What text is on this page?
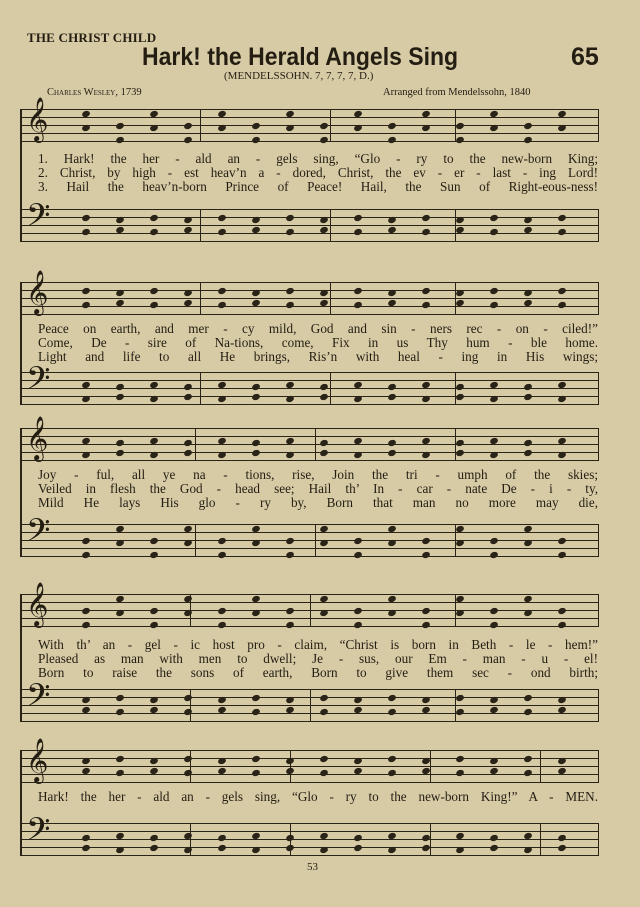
THE CHRIST CHILD
Hark! the Herald Angels Sing	65
(MENDELSSOHN. 7, 7, 7, 7, D.)
Charles Wesley, 1739	Arranged from Mendelssohn, 1840
𝄞
𝄢
𝄞
𝄢
𝄞
𝄢
𝄞
𝄢
𝄞
𝄢
1. Hark! the her - ald an - gels sing, “Glo - ry to the new-born King;
2. Christ, by high - est heav’n a - dored, Christ, the ev - er - last - ing Lord!
3. Hail the heav’n-born Prince of Peace! Hail, the Sun of Right-eous-ness!
Peace on earth, and mer - cy mild, God and sin - ners rec - on - ciled!”
Come, De - sire of Na-tions, come, Fix in us Thy hum - ble home.
Light and life to all He brings, Ris’n with heal - ing in His wings;
Joy - ful, all ye na - tions, rise, Join the tri - umph of the skies;
Veiled in flesh the God - head see; Hail th’ In - car - nate De - i - ty,
Mild He lays His glo - ry by, Born that man no more may die,
With th’ an - gel - ic host pro - claim, “Christ is born in Beth - le - hem!”
Pleased as man with men to dwell; Je - sus, our Em - man - u - el!
Born to raise the sons of earth, Born to give them sec - ond birth;
Hark! the her - ald an - gels sing, “Glo - ry to the new-born King!” A - MEN.
53
